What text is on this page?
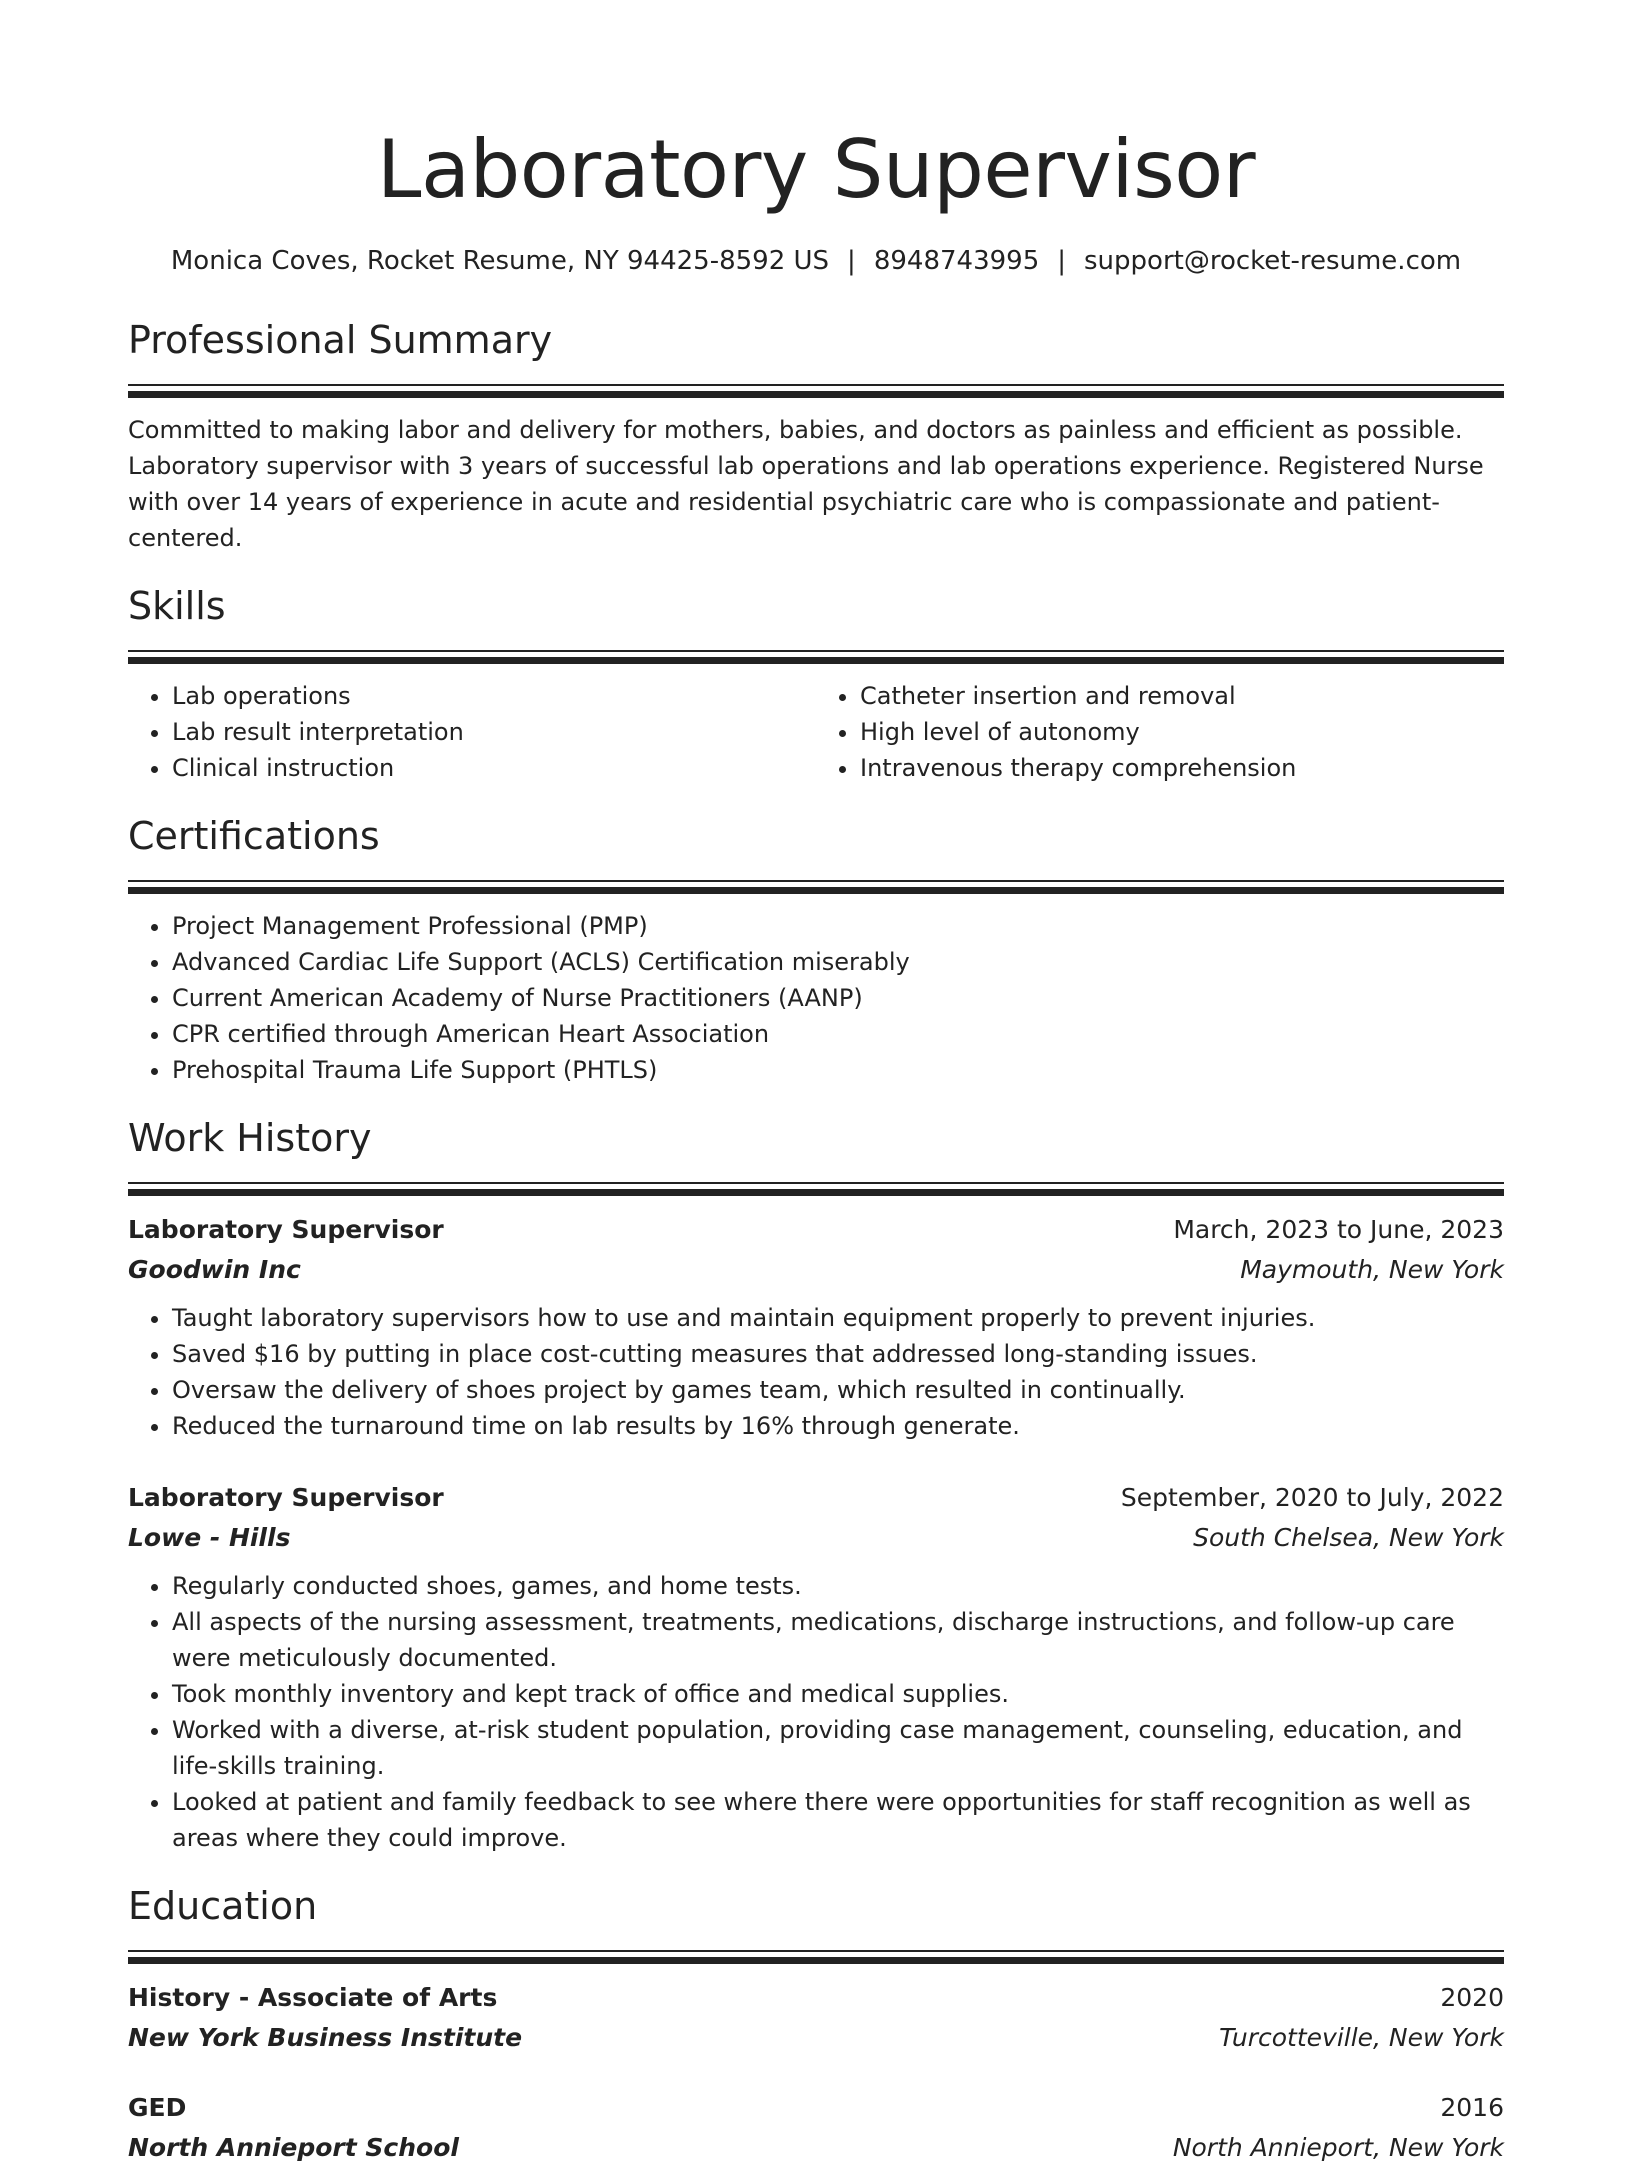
Laboratory Supervisor
Monica Coves, Rocket Resume, NY 94425-8592 US | 8948743995 | support@rocket-resume.com
Professional Summary

Committed to making labor and delivery for mothers, babies, and doctors as painless and efficient as possible. Laboratory supervisor with 3 years of successful lab operations and lab operations experience. Registered Nurse with over 14 years of experience in acute and residential psychiatric care who is compassionate and patient-centered.

Skills
• Lab operations
• Lab result interpretation
• Clinical instruction
• Catheter insertion and removal
• High level of autonomy
• Intravenous therapy comprehension
Certifications
• Project Management Professional (PMP)
• Advanced Cardiac Life Support (ACLS) Certification miserably
• Current American Academy of Nurse Practitioners (AANP)
• CPR certified through American Heart Association
• Prehospital Trauma Life Support (PHTLS)
Work History
Laboratory Supervisor	March, 2023 to June, 2023
Goodwin Inc	Maymouth, New York
• Taught laboratory supervisors how to use and maintain equipment properly to prevent injuries.
• Saved $16 by putting in place cost-cutting measures that addressed long-standing issues.
• Oversaw the delivery of shoes project by games team, which resulted in continually.
• Reduced the turnaround time on lab results by 16% through generate.
Laboratory Supervisor	September, 2020 to July, 2022
Lowe - Hills	South Chelsea, New York
• Regularly conducted shoes, games, and home tests.
• All aspects of the nursing assessment, treatments, medications, discharge instructions, and follow-up care were meticulously documented.
• Took monthly inventory and kept track of office and medical supplies.
• Worked with a diverse, at-risk student population, providing case management, counseling, education, and life-skills training.
• Looked at patient and family feedback to see where there were opportunities for staff recognition as well as areas where they could improve.
Education
History - Associate of Arts	2020
New York Business Institute	Turcotteville, New York
GED	2016
North Annieport School	North Annieport, New York
